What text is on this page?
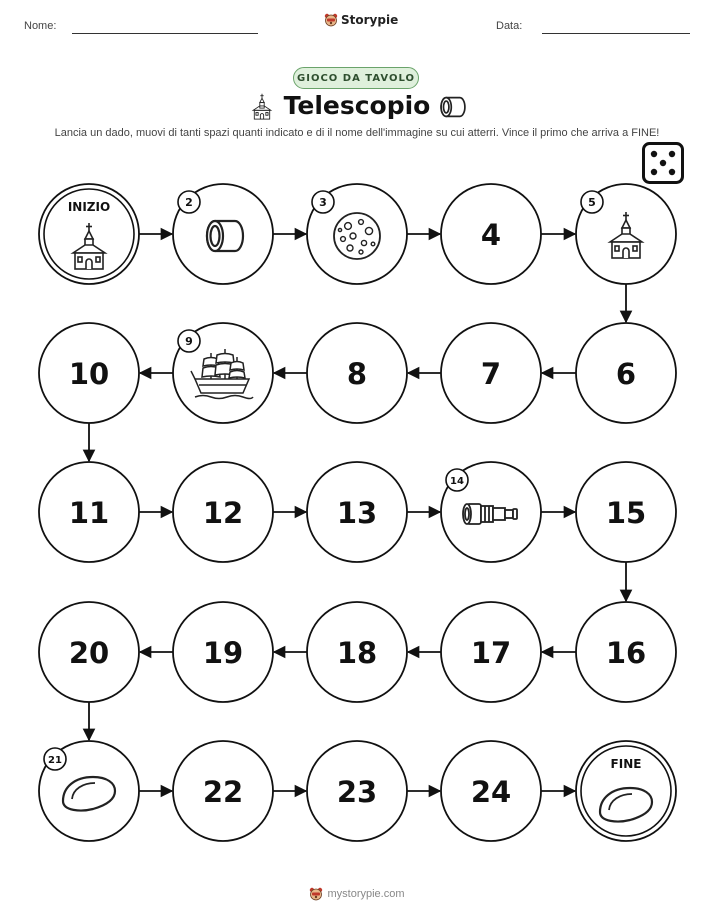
Nome:	Storypie	Data:
GIOCO DA TAVOLO
Telescopio
Lancia un dado, muovi di tanti spazi quanti indicato e di il nome dell'immagine su cui atterri. Vince il primo che arriva a FINE!
INIZIO	2	3
4
5
6
7
8
9
10
11	12	13
14
15
16
17
18
19
20
21
22	23	24
FINE
mystorypie.com
